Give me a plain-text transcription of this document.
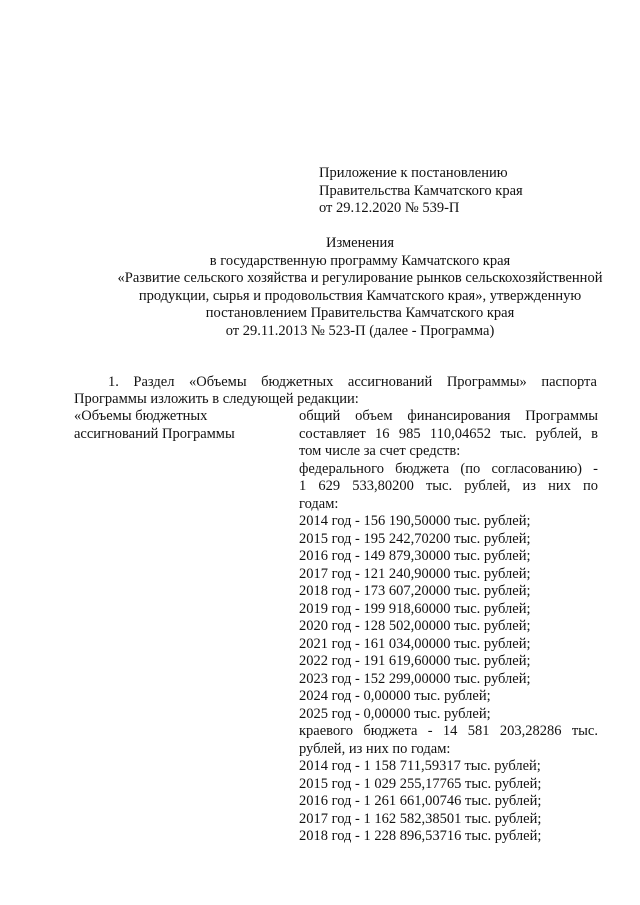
Приложение к постановлению
Правительства Камчатского края
от 29.12.2020 № 539-П
Изменения
в государственную программу Камчатского края
«Развитие сельского хозяйства и регулирование рынков сельскохозяйственной
продукции, сырья и продовольствия Камчатского края», утвержденную
постановлением Правительства Камчатского края
от 29.11.2013 № 523-П (далее - Программа)
1. Раздел «Объемы бюджетных ассигнований Программы» паспорта
Программы изложить в следующей редакции:
«Объемы бюджетных
ассигнований Программы
общий объем финансирования Программы
составляет 16 985 110,04652 тыс. рублей, в
том числе за счет средств:
федерального бюджета (по согласованию) -
1 629 533,80200 тыс. рублей, из них по
годам:
2014 год - 156 190,50000 тыс. рублей;
2015 год - 195 242,70200 тыс. рублей;
2016 год - 149 879,30000 тыс. рублей;
2017 год - 121 240,90000 тыс. рублей;
2018 год - 173 607,20000 тыс. рублей;
2019 год - 199 918,60000 тыс. рублей;
2020 год - 128 502,00000 тыс. рублей;
2021 год - 161 034,00000 тыс. рублей;
2022 год - 191 619,60000 тыс. рублей;
2023 год - 152 299,00000 тыс. рублей;
2024 год - 0,00000 тыс. рублей;
2025 год - 0,00000 тыс. рублей;
краевого бюджета - 14 581 203,28286 тыс.
рублей, из них по годам:
2014 год - 1 158 711,59317 тыс. рублей;
2015 год - 1 029 255,17765 тыс. рублей;
2016 год - 1 261 661,00746 тыс. рублей;
2017 год - 1 162 582,38501 тыс. рублей;
2018 год - 1 228 896,53716 тыс. рублей;
